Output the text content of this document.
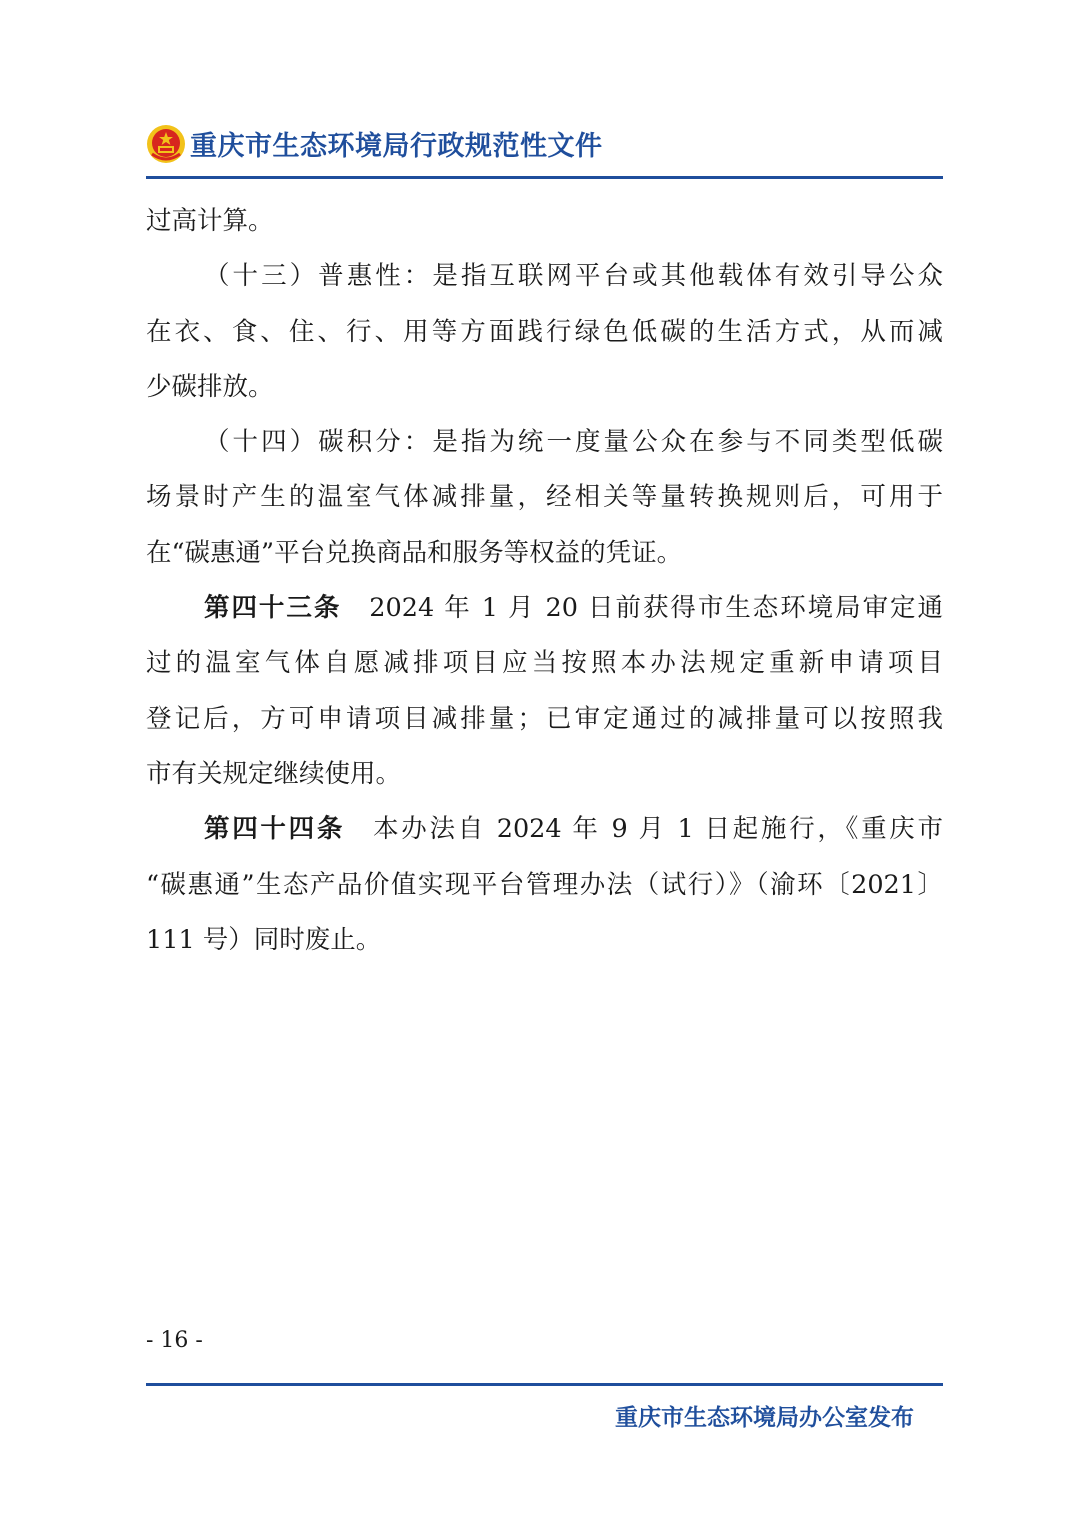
重庆市生态环境局行政规范性文件
过高计算。
（十三）普惠性：是指互联网平台或其他载体有效引导公众
在衣、食、住、行、用等方面践行绿色低碳的生活方式，从而减
少碳排放。
（十四）碳积分：是指为统一度量公众在参与不同类型低碳
场景时产生的温室气体减排量，经相关等量转换规则后，可用于
在“碳惠通”平台兑换商品和服务等权益的凭证。
第四十三条 2024 年 1 月 20 日前获得市生态环境局审定通
过的温室气体自愿减排项目应当按照本办法规定重新申请项目
登记后，方可申请项目减排量；已审定通过的减排量可以按照我
市有关规定继续使用。
第四十四条 本办法自 2024 年 9 月 1 日起施行，《重庆市
“碳惠通”生态产品价值实现平台管理办法（试行）》（渝环〔2021〕
111 号）同时废止。
- 16 -
重庆市生态环境局办公室发布
